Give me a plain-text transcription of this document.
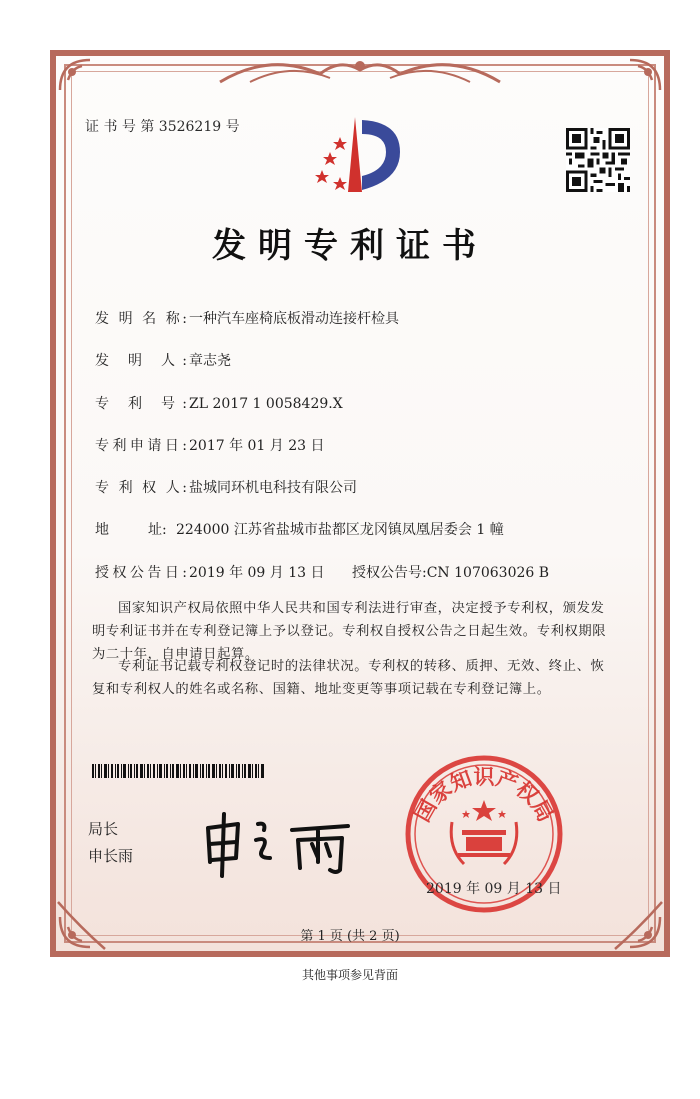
证 书 号 第 3526219 号
发明专利证书
发 明 名 称: 一种汽车座椅底板滑动连接杆检具
发 明 人: 章志尧
专 利 号: ZL 2017 1 0058429.X
专利申请日: 2017 年 01 月 23 日
专 利 权 人: 盐城同环机电科技有限公司
地	址: 224000 江苏省盐城市盐都区龙冈镇凤凰居委会 1 幢
授权公告日: 2019 年 09 月 13 日 授权公告号:CN 107063026 B
国家知识产权局依照中华人民共和国专利法进行审查，决定授予专利权，颁发发明专利证书并在专利登记簿上予以登记。专利权自授权公告之日起生效。专利权期限为二十年，自申请日起算。
专利证书记载专利权登记时的法律状况。专利权的转移、质押、无效、终止、恢复和专利权人的姓名或名称、国籍、地址变更等事项记载在专利登记簿上。
局长
申长雨
国家知识产权局
2019 年 09 月 13 日
第 1 页 (共 2 页)
其他事项参见背面
